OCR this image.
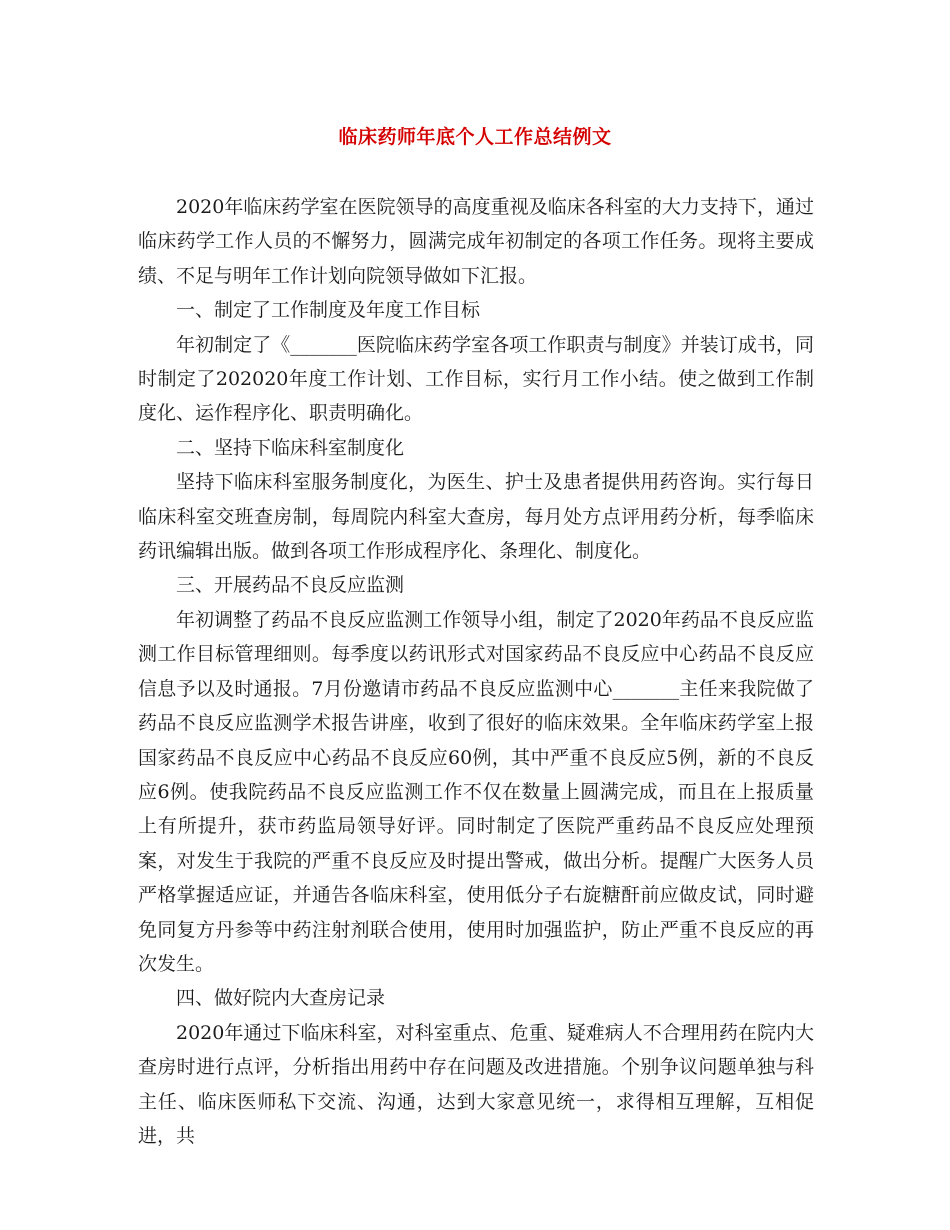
临床药师年底个人工作总结例文

2020年临床药学室在医院领导的高度重视及临床各科室的大力支持下，通过临床药学工作人员的不懈努力，圆满完成年初制定的各项工作任务。现将主要成绩、不足与明年工作计划向院领导做如下汇报。

一、制定了工作制度及年度工作目标

年初制定了《_______医院临床药学室各项工作职责与制度》并装订成书，同时制定了202020年度工作计划、工作目标，实行月工作小结。使之做到工作制度化、运作程序化、职责明确化。

二、坚持下临床科室制度化

坚持下临床科室服务制度化，为医生、护士及患者提供用药咨询。实行每日临床科室交班查房制，每周院内科室大查房，每月处方点评用药分析，每季临床药讯编辑出版。做到各项工作形成程序化、条理化、制度化。

三、开展药品不良反应监测

年初调整了药品不良反应监测工作领导小组，制定了2020年药品不良反应监测工作目标管理细则。每季度以药讯形式对国家药品不良反应中心药品不良反应信息予以及时通报。7月份邀请市药品不良反应监测中心_______主任来我院做了药品不良反应监测学术报告讲座，收到了很好的临床效果。全年临床药学室上报国家药品不良反应中心药品不良反应60例，其中严重不良反应5例，新的不良反应6例。使我院药品不良反应监测工作不仅在数量上圆满完成，而且在上报质量上有所提升，获市药监局领导好评。同时制定了医院严重药品不良反应处理预案，对发生于我院的严重不良反应及时提出警戒，做出分析。提醒广大医务人员严格掌握适应证，并通告各临床科室，使用低分子右旋糖酐前应做皮试，同时避免同复方丹参等中药注射剂联合使用，使用时加强监护，防止严重不良反应的再次发生。

四、做好院内大查房记录

2020年通过下临床科室，对科室重点、危重、疑难病人不合理用药在院内大查房时进行点评，分析指出用药中存在问题及改进措施。个别争议问题单独与科主任、临床医师私下交流、沟通，达到大家意见统一，求得相互理解，互相促进，共
